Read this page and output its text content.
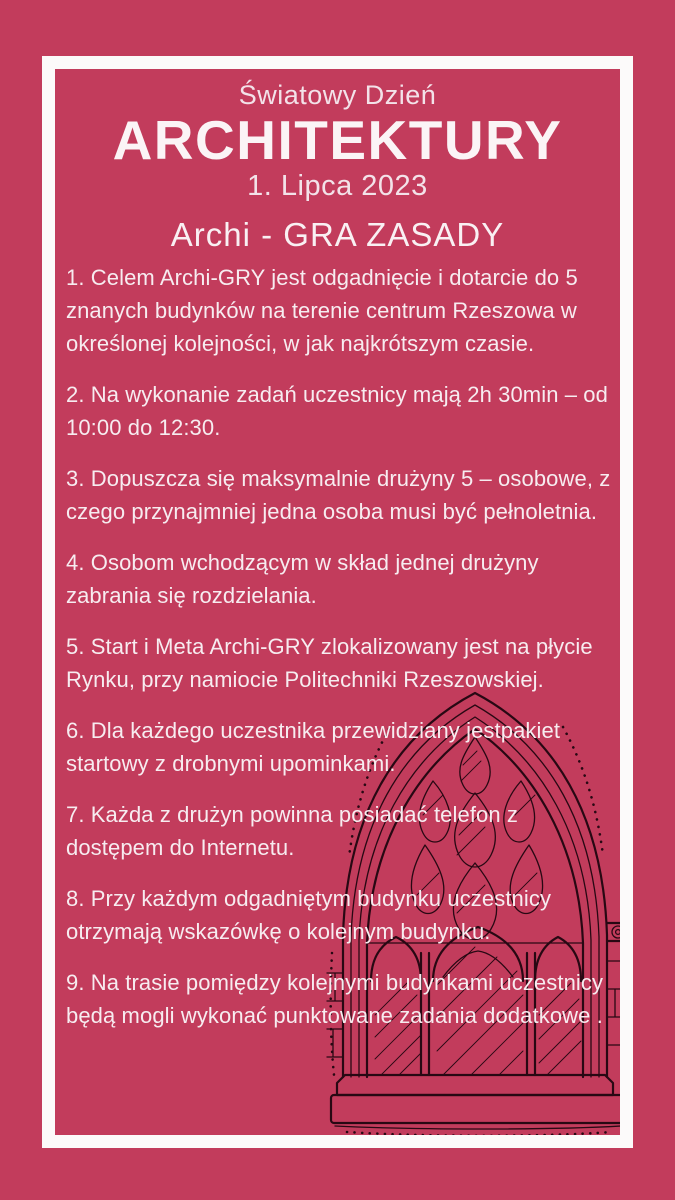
Światowy Dzień
ARCHITEKTURY
1. Lipca 2023
Archi - GRA ZASADY

1. Celem Archi-GRY jest odgadnięcie i dotarcie do 5 znanych budynków na terenie centrum Rzeszowa w określonej kolejności, w jak najkrótszym czasie.

2. Na wykonanie zadań uczestnicy mają 2h 30min – od 10:00 do 12:30.

3. Dopuszcza się maksymalnie drużyny 5 – osobowe, z czego przynajmniej jedna osoba musi być pełnoletnia.

4. Osobom wchodzącym w skład jednej drużyny zabrania się rozdzielania.

5. Start i Meta Archi-GRY zlokalizowany jest na płycie Rynku, przy namiocie Politechniki Rzeszowskiej.

6. Dla każdego uczestnika przewidziany jestpakiet startowy z drobnymi upominkami.

7. Każda z drużyn powinna posiadać telefon z dostępem do Internetu.

8. Przy każdym odgadniętym budynku uczestnicy otrzymają wskazówkę o kolejnym budynku.

9. Na trasie pomiędzy kolejnymi budynkami uczestnicy będą mogli wykonać punktowane zadania dodatkowe .
